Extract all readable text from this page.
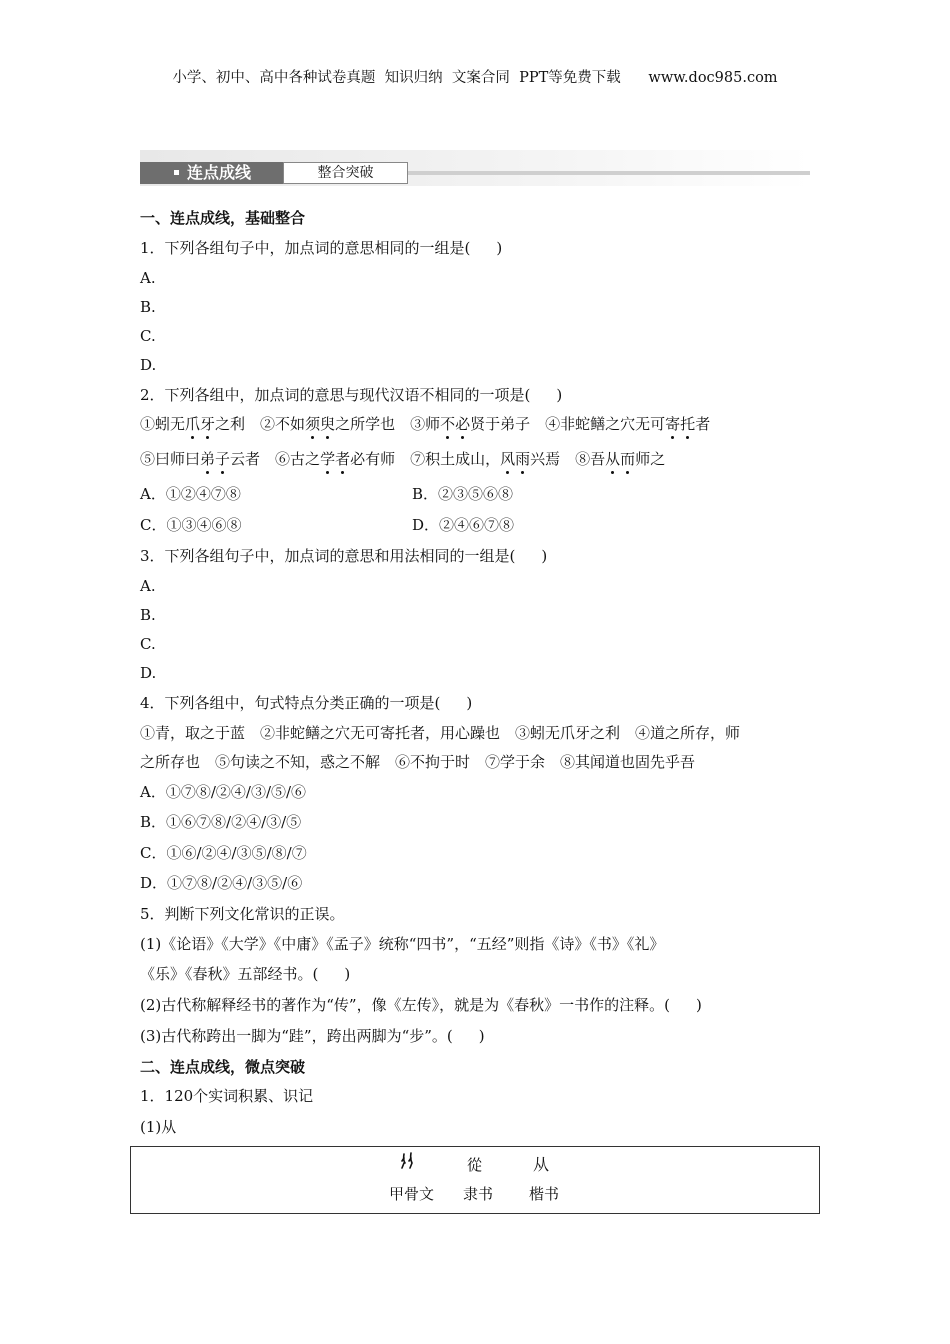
小学、初中、高中各种试卷真题  知识归纳  文案合同  PPT等免费下载      www.doc985.com
连点成线	整合突破
一、连点成线，基础整合
1．下列各组句子中，加点词的意思相同的一组是( )
A.
B.
C.
D.
2．下列各组中，加点词的意思与现代汉语不相同的一项是( )
①蚓无爪牙之利　②不如须臾之所学也　③师不必贤于弟子　④非蛇鳝之穴无可寄托者
⑤曰师曰弟子云者　⑥古之学者必有师　⑦积土成山，风雨兴焉　⑧吾从而师之
A．①②④⑦⑧	B．②③⑤⑥⑧
C．①③④⑥⑧	D．②④⑥⑦⑧
3．下列各组句子中，加点词的意思和用法相同的一组是( )
A.
B.
C.
D.
4．下列各组中，句式特点分类正确的一项是( )
①青，取之于蓝　②非蛇鳝之穴无可寄托者，用心躁也　③蚓无爪牙之利　④道之所存，师
之所存也　⑤句读之不知，惑之不解　⑥不拘于时　⑦学于余　⑧其闻道也固先乎吾
A．①⑦⑧/②④/③/⑤/⑥
B．①⑥⑦⑧/②④/③/⑤
C．①⑥/②④/③⑤/⑧/⑦
D．①⑦⑧/②④/③⑤/⑥
5．判断下列文化常识的正误。
(1)《论语》《大学》《中庸》《孟子》统称“四书”，“五经”则指《诗》《书》《礼》
《乐》《春秋》五部经书。( )
(2)古代称解释经书的著作为“传”，像《左传》，就是为《春秋》一书作的注释。( )
(3)古代称跨出一脚为“跬”，跨出两脚为“步”。( )
二、连点成线，微点突破
1．120个实词积累、识记
(1)从
從	从
甲骨文 隶书 楷书
